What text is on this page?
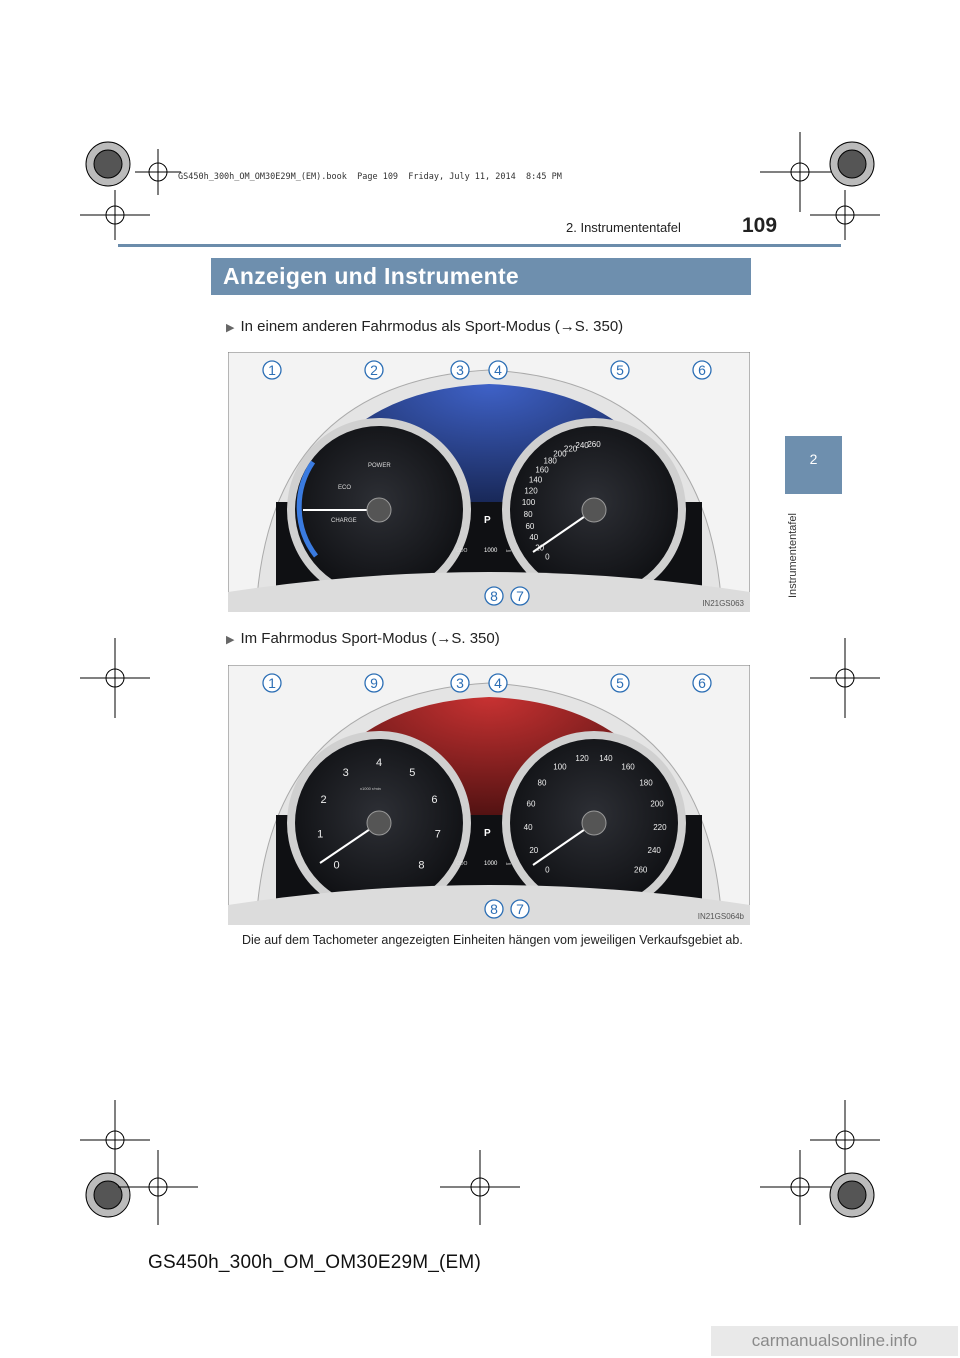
GS450h_300h_OM_OM30E29M_(EM).book  Page 109  Friday, July 11, 2014  8:45 PM
2. Instrumententafel	109
Anzeigen und Instrumente
2
Instrumententafel
▶ In einem anderen Fahrmodus als Sport-Modus (→S. 350)
POWER
ECO
CHARGE
0
20
40
60
80
100
120
140
160
180
200
220
240
260
P
ODO	1000 km
1	2	3 4	5	6
8 7	IN21GS063
▶ Im Fahrmodus Sport-Modus (→S. 350)
0
1
2
3
4
5
6
7
8
x1000 r/min
0
20
40
60
80
100
120 140
160
180
200
220
240
260
P
ODO	1000 km
1	9	3 4	5	6
8 7	IN21GS064b
Die auf dem Tachometer angezeigten Einheiten hängen vom jeweiligen Verkaufsgebiet ab.
GS450h_300h_OM_OM30E29M_(EM)
carmanualsonline.info
